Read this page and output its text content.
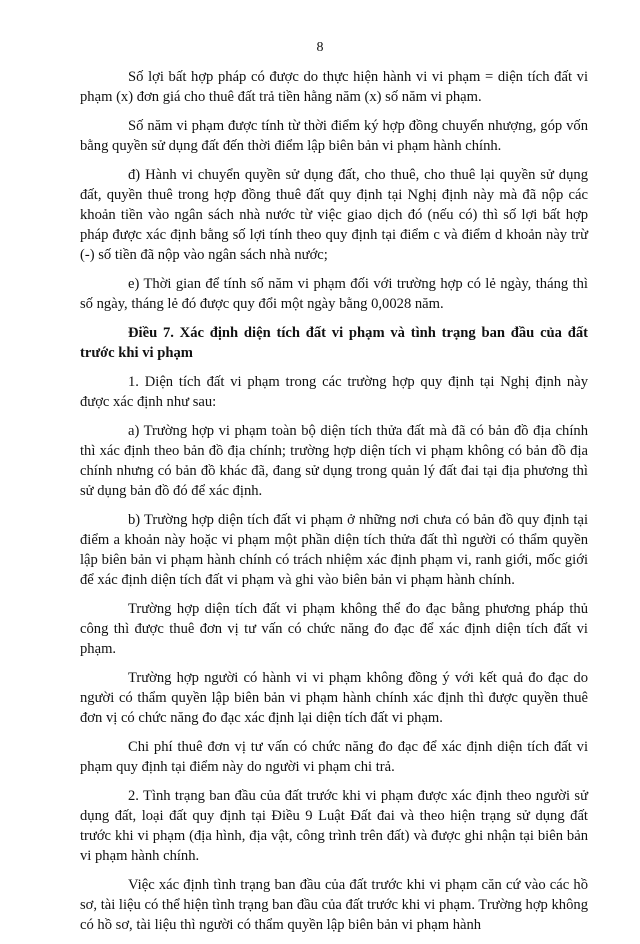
8

Số lợi bất hợp pháp có được do thực hiện hành vi vi phạm = diện tích đất vi phạm (x) đơn giá cho thuê đất trả tiền hằng năm (x) số năm vi phạm.

Số năm vi phạm được tính từ thời điểm ký hợp đồng chuyển nhượng, góp vốn bằng quyền sử dụng đất đến thời điểm lập biên bản vi phạm hành chính.

đ) Hành vi chuyển quyền sử dụng đất, cho thuê, cho thuê lại quyền sử dụng đất, quyền thuê trong hợp đồng thuê đất quy định tại Nghị định này mà đã nộp các khoản tiền vào ngân sách nhà nước từ việc giao dịch đó (nếu có) thì số lợi bất hợp pháp được xác định bằng số lợi tính theo quy định tại điểm c và điểm d khoản này trừ (-) số tiền đã nộp vào ngân sách nhà nước;

e) Thời gian để tính số năm vi phạm đối với trường hợp có lẻ ngày, tháng thì số ngày, tháng lẻ đó được quy đổi một ngày bằng 0,0028 năm.

Điều 7. Xác định diện tích đất vi phạm và tình trạng ban đầu của đất trước khi vi phạm

1. Diện tích đất vi phạm trong các trường hợp quy định tại Nghị định này được xác định như sau:

a) Trường hợp vi phạm toàn bộ diện tích thửa đất mà đã có bản đồ địa chính thì xác định theo bản đồ địa chính; trường hợp diện tích vi phạm không có bản đồ địa chính nhưng có bản đồ khác đã, đang sử dụng trong quản lý đất đai tại địa phương thì sử dụng bản đồ đó để xác định.

b) Trường hợp diện tích đất vi phạm ở những nơi chưa có bản đồ quy định tại điểm a khoản này hoặc vi phạm một phần diện tích thửa đất thì người có thẩm quyền lập biên bản vi phạm hành chính có trách nhiệm xác định phạm vi, ranh giới, mốc giới để xác định diện tích đất vi phạm và ghi vào biên bản vi phạm hành chính.

Trường hợp diện tích đất vi phạm không thể đo đạc bằng phương pháp thủ công thì được thuê đơn vị tư vấn có chức năng đo đạc để xác định diện tích đất vi phạm.

Trường hợp người có hành vi vi phạm không đồng ý với kết quả đo đạc do người có thẩm quyền lập biên bản vi phạm hành chính xác định thì được quyền thuê đơn vị có chức năng đo đạc xác định lại diện tích đất vi phạm.

Chi phí thuê đơn vị tư vấn có chức năng đo đạc để xác định diện tích đất vi phạm quy định tại điểm này do người vi phạm chi trả.

2. Tình trạng ban đầu của đất trước khi vi phạm được xác định theo người sử dụng đất, loại đất quy định tại Điều 9 Luật Đất đai và theo hiện trạng sử dụng đất trước khi vi phạm (địa hình, địa vật, công trình trên đất) và được ghi nhận tại biên bản vi phạm hành chính.

Việc xác định tình trạng ban đầu của đất trước khi vi phạm căn cứ vào các hồ sơ, tài liệu có thể hiện tình trạng ban đầu của đất trước khi vi phạm. Trường hợp không có hồ sơ, tài liệu thì người có thẩm quyền lập biên bản vi phạm hành
